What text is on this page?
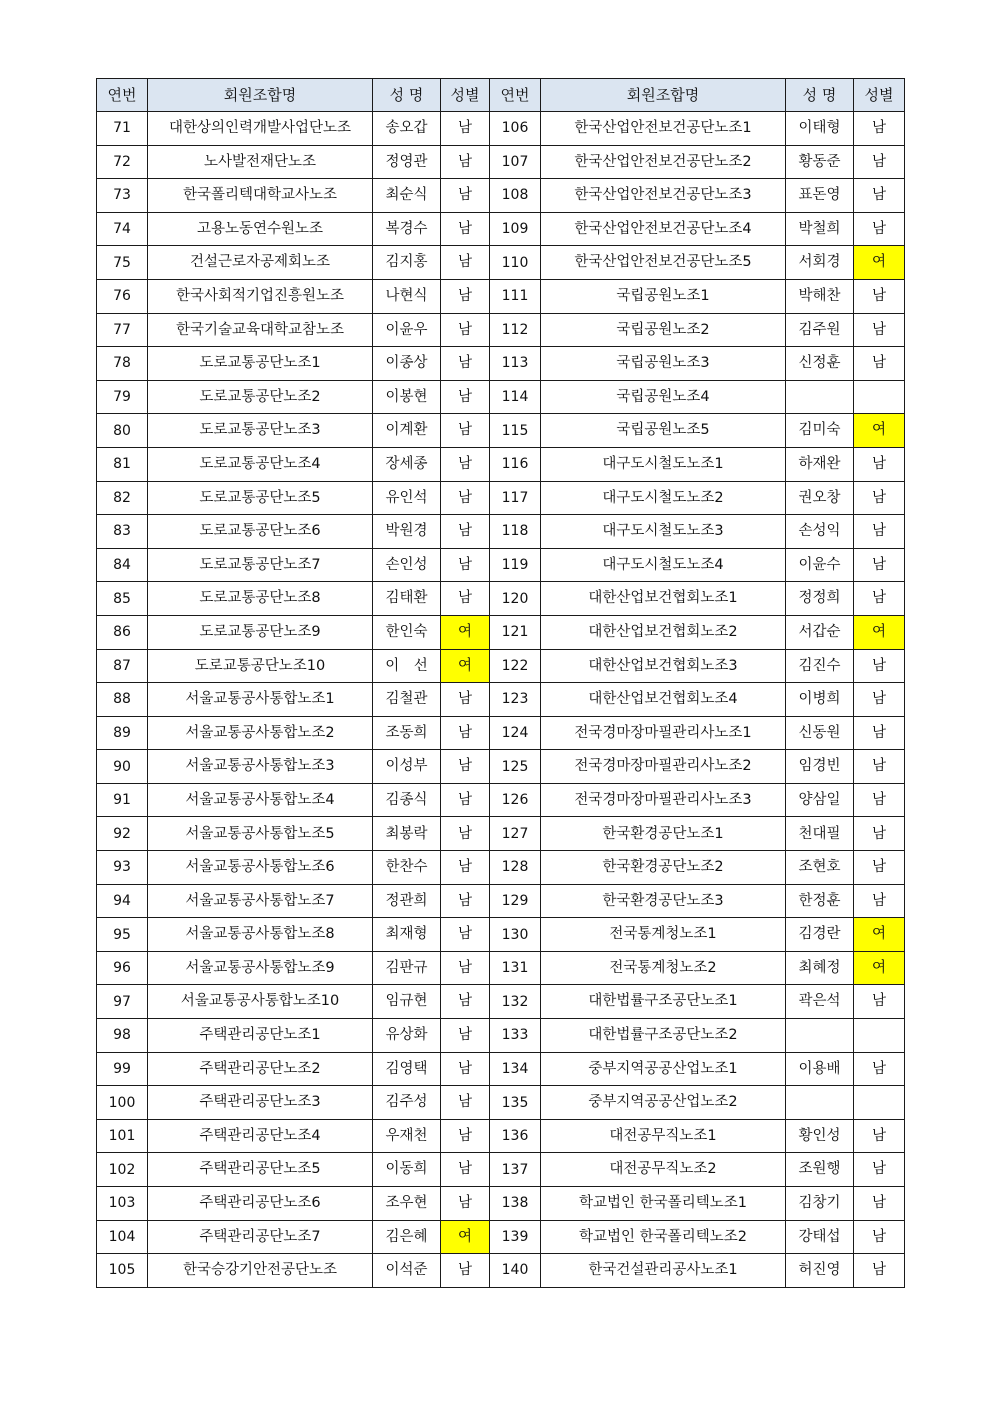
연번	회원조합명	성 명	성별	연번	회원조합명	성 명	성별
71	대한상의인력개발사업단노조	송오갑	남	106	한국산업안전보건공단노조1	이태형	남
72	노사발전재단노조	정영관	남	107	한국산업안전보건공단노조2	황동준	남
73	한국폴리텍대학교사노조	최순식	남	108	한국산업안전보건공단노조3	표돈영	남
74	고용노동연수원노조	복경수	남	109	한국산업안전보건공단노조4	박철희	남
75	건설근로자공제회노조	김지홍	남	110	한국산업안전보건공단노조5	서회경	여
76	한국사회적기업진흥원노조	나현식	남	111	국립공원노조1	박해찬	남
77	한국기술교육대학교참노조	이윤우	남	112	국립공원노조2	김주원	남
78	도로교통공단노조1	이종상	남	113	국립공원노조3	신정훈	남
79	도로교통공단노조2	이봉현	남	114	국립공원노조4		
80	도로교통공단노조3	이계환	남	115	국립공원노조5	김미숙	여
81	도로교통공단노조4	장세종	남	116	대구도시철도노조1	하재완	남
82	도로교통공단노조5	유인석	남	117	대구도시철도노조2	권오창	남
83	도로교통공단노조6	박원경	남	118	대구도시철도노조3	손성익	남
84	도로교통공단노조7	손인성	남	119	대구도시철도노조4	이윤수	남
85	도로교통공단노조8	김태환	남	120	대한산업보건협회노조1	정정희	남
86	도로교통공단노조9	한인숙	여	121	대한산업보건협회노조2	서갑순	여
87	도로교통공단노조10	이　선	여	122	대한산업보건협회노조3	김진수	남
88	서울교통공사통합노조1	김철관	남	123	대한산업보건협회노조4	이병희	남
89	서울교통공사통합노조2	조동희	남	124	전국경마장마필관리사노조1	신동원	남
90	서울교통공사통합노조3	이성부	남	125	전국경마장마필관리사노조2	임경빈	남
91	서울교통공사통합노조4	김종식	남	126	전국경마장마필관리사노조3	양삼일	남
92	서울교통공사통합노조5	최봉락	남	127	한국환경공단노조1	천대필	남
93	서울교통공사통합노조6	한찬수	남	128	한국환경공단노조2	조현호	남
94	서울교통공사통합노조7	정관희	남	129	한국환경공단노조3	한정훈	남
95	서울교통공사통합노조8	최재형	남	130	전국통계청노조1	김경란	여
96	서울교통공사통합노조9	김판규	남	131	전국통계청노조2	최혜정	여
97	서울교통공사통합노조10	임규현	남	132	대한법률구조공단노조1	곽은석	남
98	주택관리공단노조1	유상화	남	133	대한법률구조공단노조2		
99	주택관리공단노조2	김영택	남	134	중부지역공공산업노조1	이용배	남
100	주택관리공단노조3	김주성	남	135	중부지역공공산업노조2		
101	주택관리공단노조4	우재천	남	136	대전공무직노조1	황인성	남
102	주택관리공단노조5	이동희	남	137	대전공무직노조2	조원행	남
103	주택관리공단노조6	조우현	남	138	학교법인 한국폴리텍노조1	김창기	남
104	주택관리공단노조7	김은혜	여	139	학교법인 한국폴리텍노조2	강태섭	남
105	한국승강기안전공단노조	이석준	남	140	한국건설관리공사노조1	허진영	남
